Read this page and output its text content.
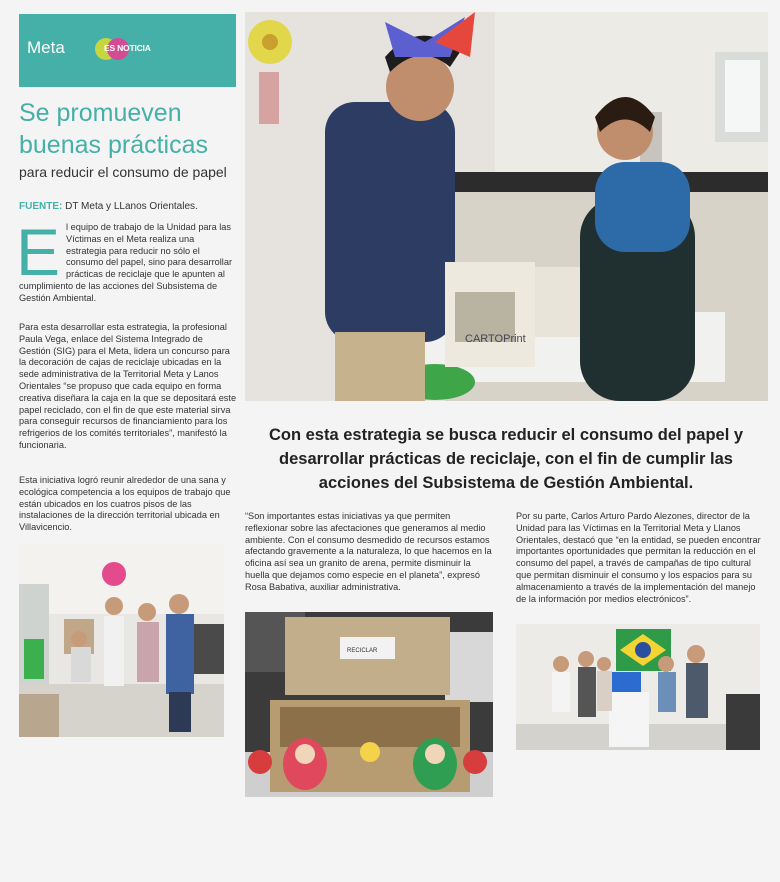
Meta	ES NOTICIA
Se promueven
buenas prácticas
para reducir el consumo de papel
FUENTE: DT Meta y LLanos Orientales.
El equipo de trabajo de la Unidad para las Víctimas en el Meta realiza una estrategia para reducir no sólo el consumo del papel, sino para desarrollar prácticas de reciclaje que le apunten al cumplimiento de las acciones del Subsistema de Gestión Ambiental.

Para esta desarrollar esta estrategia, la profesional Paula Vega, enlace del Sistema Integrado de Gestión (SIG) para el Meta, lidera un concurso para la decoración de cajas de reciclaje ubicadas en la sede administrativa de la Territorial Meta y Lanos Orientales “se propuso que cada equipo en forma creativa diseñara la caja en la que se depositará este papel reciclado, con el fin de que este material sirva para conseguir recursos de financiamiento para los refrigerios de los comités territoriales”, manifestó la funcionaria.

Esta iniciativa logró reunir alrededor de una sana y ecológica competencia a los equipos de trabajo que están ubicados en los cuatros pisos de las instalaciones de la dirección territorial ubicada en Villavicencio.

CARTOPrint
Con esta estrategia se busca reducir el consumo del papel y desarrollar prácticas de reciclaje, con el fin de cumplir las acciones del Subsistema de Gestión Ambiental.

“Son importantes estas iniciativas ya que permiten reflexionar sobre las afectaciones que generamos al medio ambiente. Con el consumo desmedido de recursos estamos afectando gravemente a la naturaleza, lo que hacemos en la oficina así sea un granito de arena, permite disminuir la huella que dejamos como especie en el planeta”, expresó Rosa Babativa, auxiliar administrativa.

Por su parte, Carlos Arturo Pardo Alezones, director de la Unidad para las Víctimas en la Territorial Meta y Llanos Orientales, destacó que “en la entidad, se pueden encontrar importantes oportunidades que permitan la reducción en el consumo del papel, a través de campañas de tipo cultural que permitan disminuir el consumo y los espacios para su almacenamiento a través de la implementación del manejo de la información por medios electrónicos”.

RECICLAR
